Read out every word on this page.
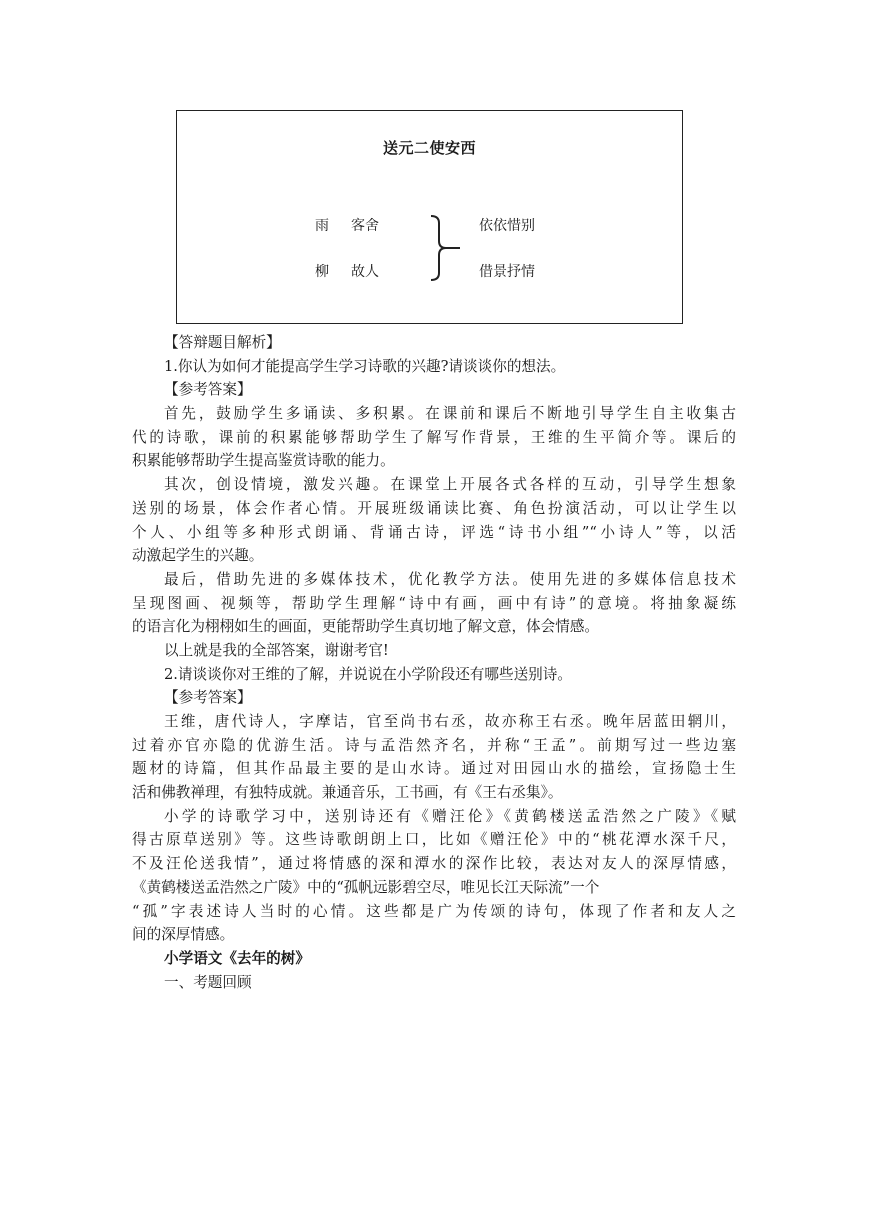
送元二使安西
雨 客舍
柳 故人
依依惜别
借景抒情
【答辩题目解析】
1.你认为如何才能提高学生学习诗歌的兴趣?请谈谈你的想法。
【参考答案】
首先，鼓励学生多诵读、多积累。在课前和课后不断地引导学生自主收集古
代的诗歌，课前的积累能够帮助学生了解写作背景，王维的生平简介等。课后的
积累能够帮助学生提高鉴赏诗歌的能力。
其次，创设情境，激发兴趣。在课堂上开展各式各样的互动，引导学生想象
送别的场景，体会作者心情。开展班级诵读比赛、角色扮演活动，可以让学生以
个人、小组等多种形式朗诵、背诵古诗，评选“诗书小组”“小诗人”等，以活
动激起学生的兴趣。
最后，借助先进的多媒体技术，优化教学方法。使用先进的多媒体信息技术
呈现图画、视频等，帮助学生理解“诗中有画，画中有诗”的意境。将抽象凝练
的语言化为栩栩如生的画面，更能帮助学生真切地了解文意，体会情感。
以上就是我的全部答案，谢谢考官!
2.请谈谈你对王维的了解，并说说在小学阶段还有哪些送别诗。
【参考答案】
王维，唐代诗人，字摩诘，官至尚书右丞，故亦称王右丞。晚年居蓝田辋川，
过着亦官亦隐的优游生活。诗与孟浩然齐名，并称“王孟”。前期写过一些边塞
题材的诗篇，但其作品最主要的是山水诗。通过对田园山水的描绘，宣扬隐士生
活和佛教禅理，有独特成就。兼通音乐，工书画，有《王右丞集》。
小学的诗歌学习中，送别诗还有《赠汪伦》《黄鹤楼送孟浩然之广陵》《赋
得古原草送别》等。这些诗歌朗朗上口，比如《赠汪伦》中的“桃花潭水深千尺，
不及汪伦送我情”，通过将情感的深和潭水的深作比较，表达对友人的深厚情感，
《黄鹤楼送孟浩然之广陵》中的“孤帆远影碧空尽，唯见长江天际流”一个
“孤”字表述诗人当时的心情。这些都是广为传颂的诗句，体现了作者和友人之
间的深厚情感。
小学语文《去年的树》
一、考题回顾
